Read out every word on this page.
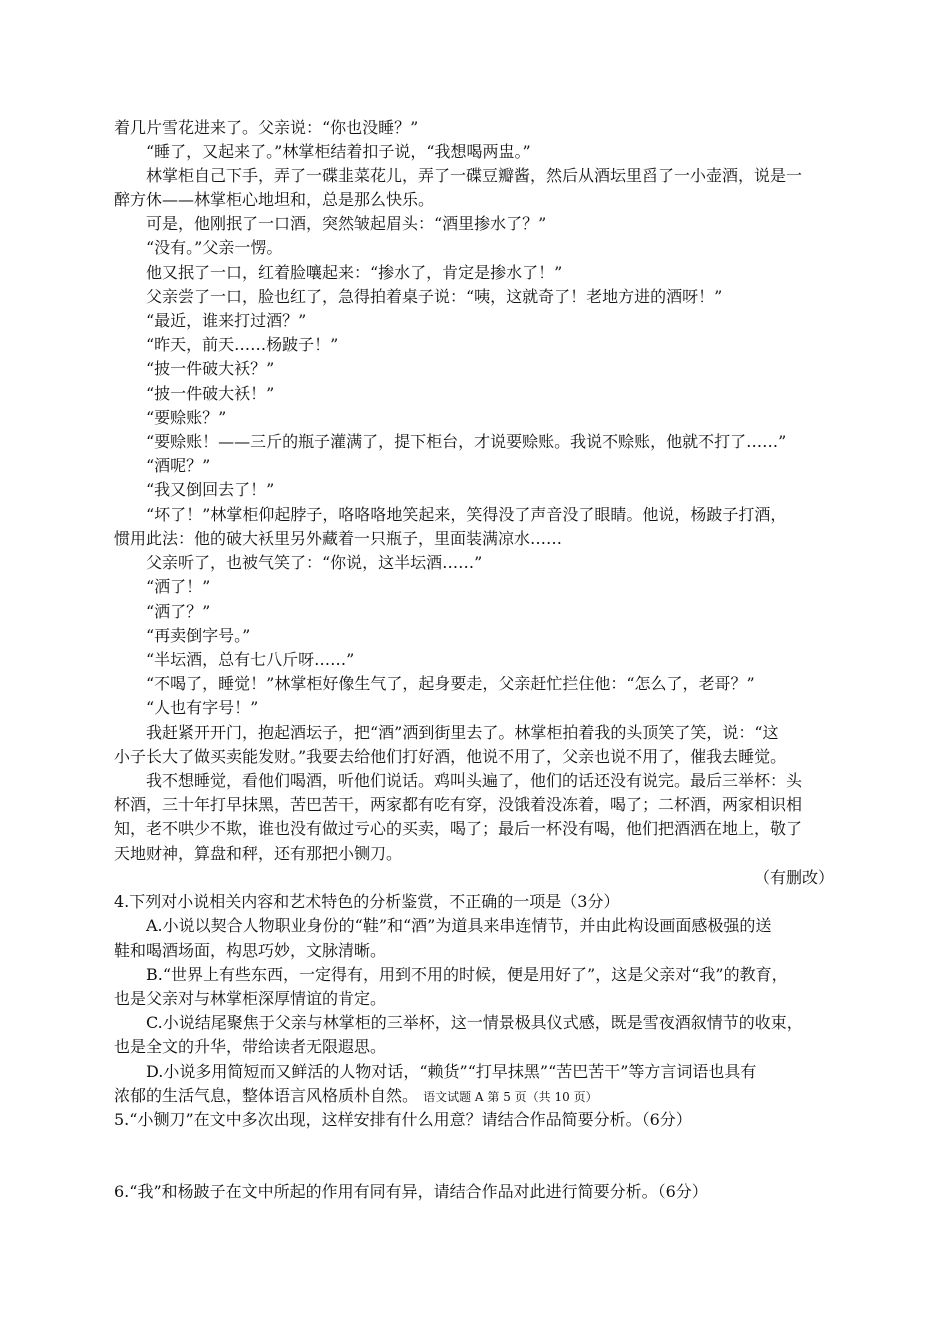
着几片雪花进来了。父亲说：“你也没睡？”
“睡了，又起来了。”林掌柜结着扣子说，“我想喝两盅。”
林掌柜自己下手，弄了一碟韭菜花儿，弄了一碟豆瓣酱，然后从酒坛里舀了一小壶酒，说是一
醉方休——林掌柜心地坦和，总是那么快乐。
可是，他刚抿了一口酒，突然皱起眉头：“酒里掺水了？”
“没有。”父亲一愣。
他又抿了一口，红着脸嚷起来：“掺水了，肯定是掺水了！”
父亲尝了一口，脸也红了，急得拍着桌子说：“咦，这就奇了！老地方进的酒呀！”
“最近，谁来打过酒？”
“昨天，前天……杨跛子！”
“披一件破大袄？”
“披一件破大袄！”
“要赊账？”
“要赊账！——三斤的瓶子灌满了，提下柜台，才说要赊账。我说不赊账，他就不打了……”
“酒呢？”
“我又倒回去了！”
“坏了！”林掌柜仰起脖子，咯咯咯地笑起来，笑得没了声音没了眼睛。他说，杨跛子打酒，
惯用此法：他的破大袄里另外藏着一只瓶子，里面装满凉水……
父亲听了，也被气笑了：“你说，这半坛酒……”
“洒了！”
“洒了？”
“再卖倒字号。”
“半坛酒，总有七八斤呀……”
“不喝了，睡觉！”林掌柜好像生气了，起身要走，父亲赶忙拦住他：“怎么了，老哥？”
“人也有字号！”
我赶紧开开门，抱起酒坛子，把“酒”洒到街里去了。林掌柜拍着我的头顶笑了笑，说：“这
小子长大了做买卖能发财。”我要去给他们打好酒，他说不用了，父亲也说不用了，催我去睡觉。
我不想睡觉，看他们喝酒，听他们说话。鸡叫头遍了，他们的话还没有说完。最后三举杯：头
杯酒，三十年打早抹黑，苦巴苦干，两家都有吃有穿，没饿着没冻着，喝了；二杯酒，两家相识相
知，老不哄少不欺，谁也没有做过亏心的买卖，喝了；最后一杯没有喝，他们把酒洒在地上，敬了
天地财神，算盘和秤，还有那把小铡刀。
（有删改）
4.下列对小说相关内容和艺术特色的分析鉴赏，不正确的一项是（3分）
A.小说以契合人物职业身份的“鞋”和“酒”为道具来串连情节，并由此构设画面感极强的送
鞋和喝酒场面，构思巧妙，文脉清晰。
B.“世界上有些东西，一定得有，用到不用的时候，便是用好了”，这是父亲对“我”的教育，
也是父亲对与林掌柜深厚情谊的肯定。
C.小说结尾聚焦于父亲与林掌柜的三举杯，这一情景极具仪式感，既是雪夜酒叙情节的收束，
也是全文的升华，带给读者无限遐思。
D.小说多用简短而又鲜活的人物对话，“赖货”“打早抹黑”“苦巴苦干”等方言词语也具有
浓郁的生活气息，整体语言风格质朴自然。 语文试题 A 第 5 页（共 10 页）
5.“小铡刀”在文中多次出现，这样安排有什么用意？请结合作品简要分析。（6分）
6.“我”和杨跛子在文中所起的作用有同有异，请结合作品对此进行简要分析。（6分）
